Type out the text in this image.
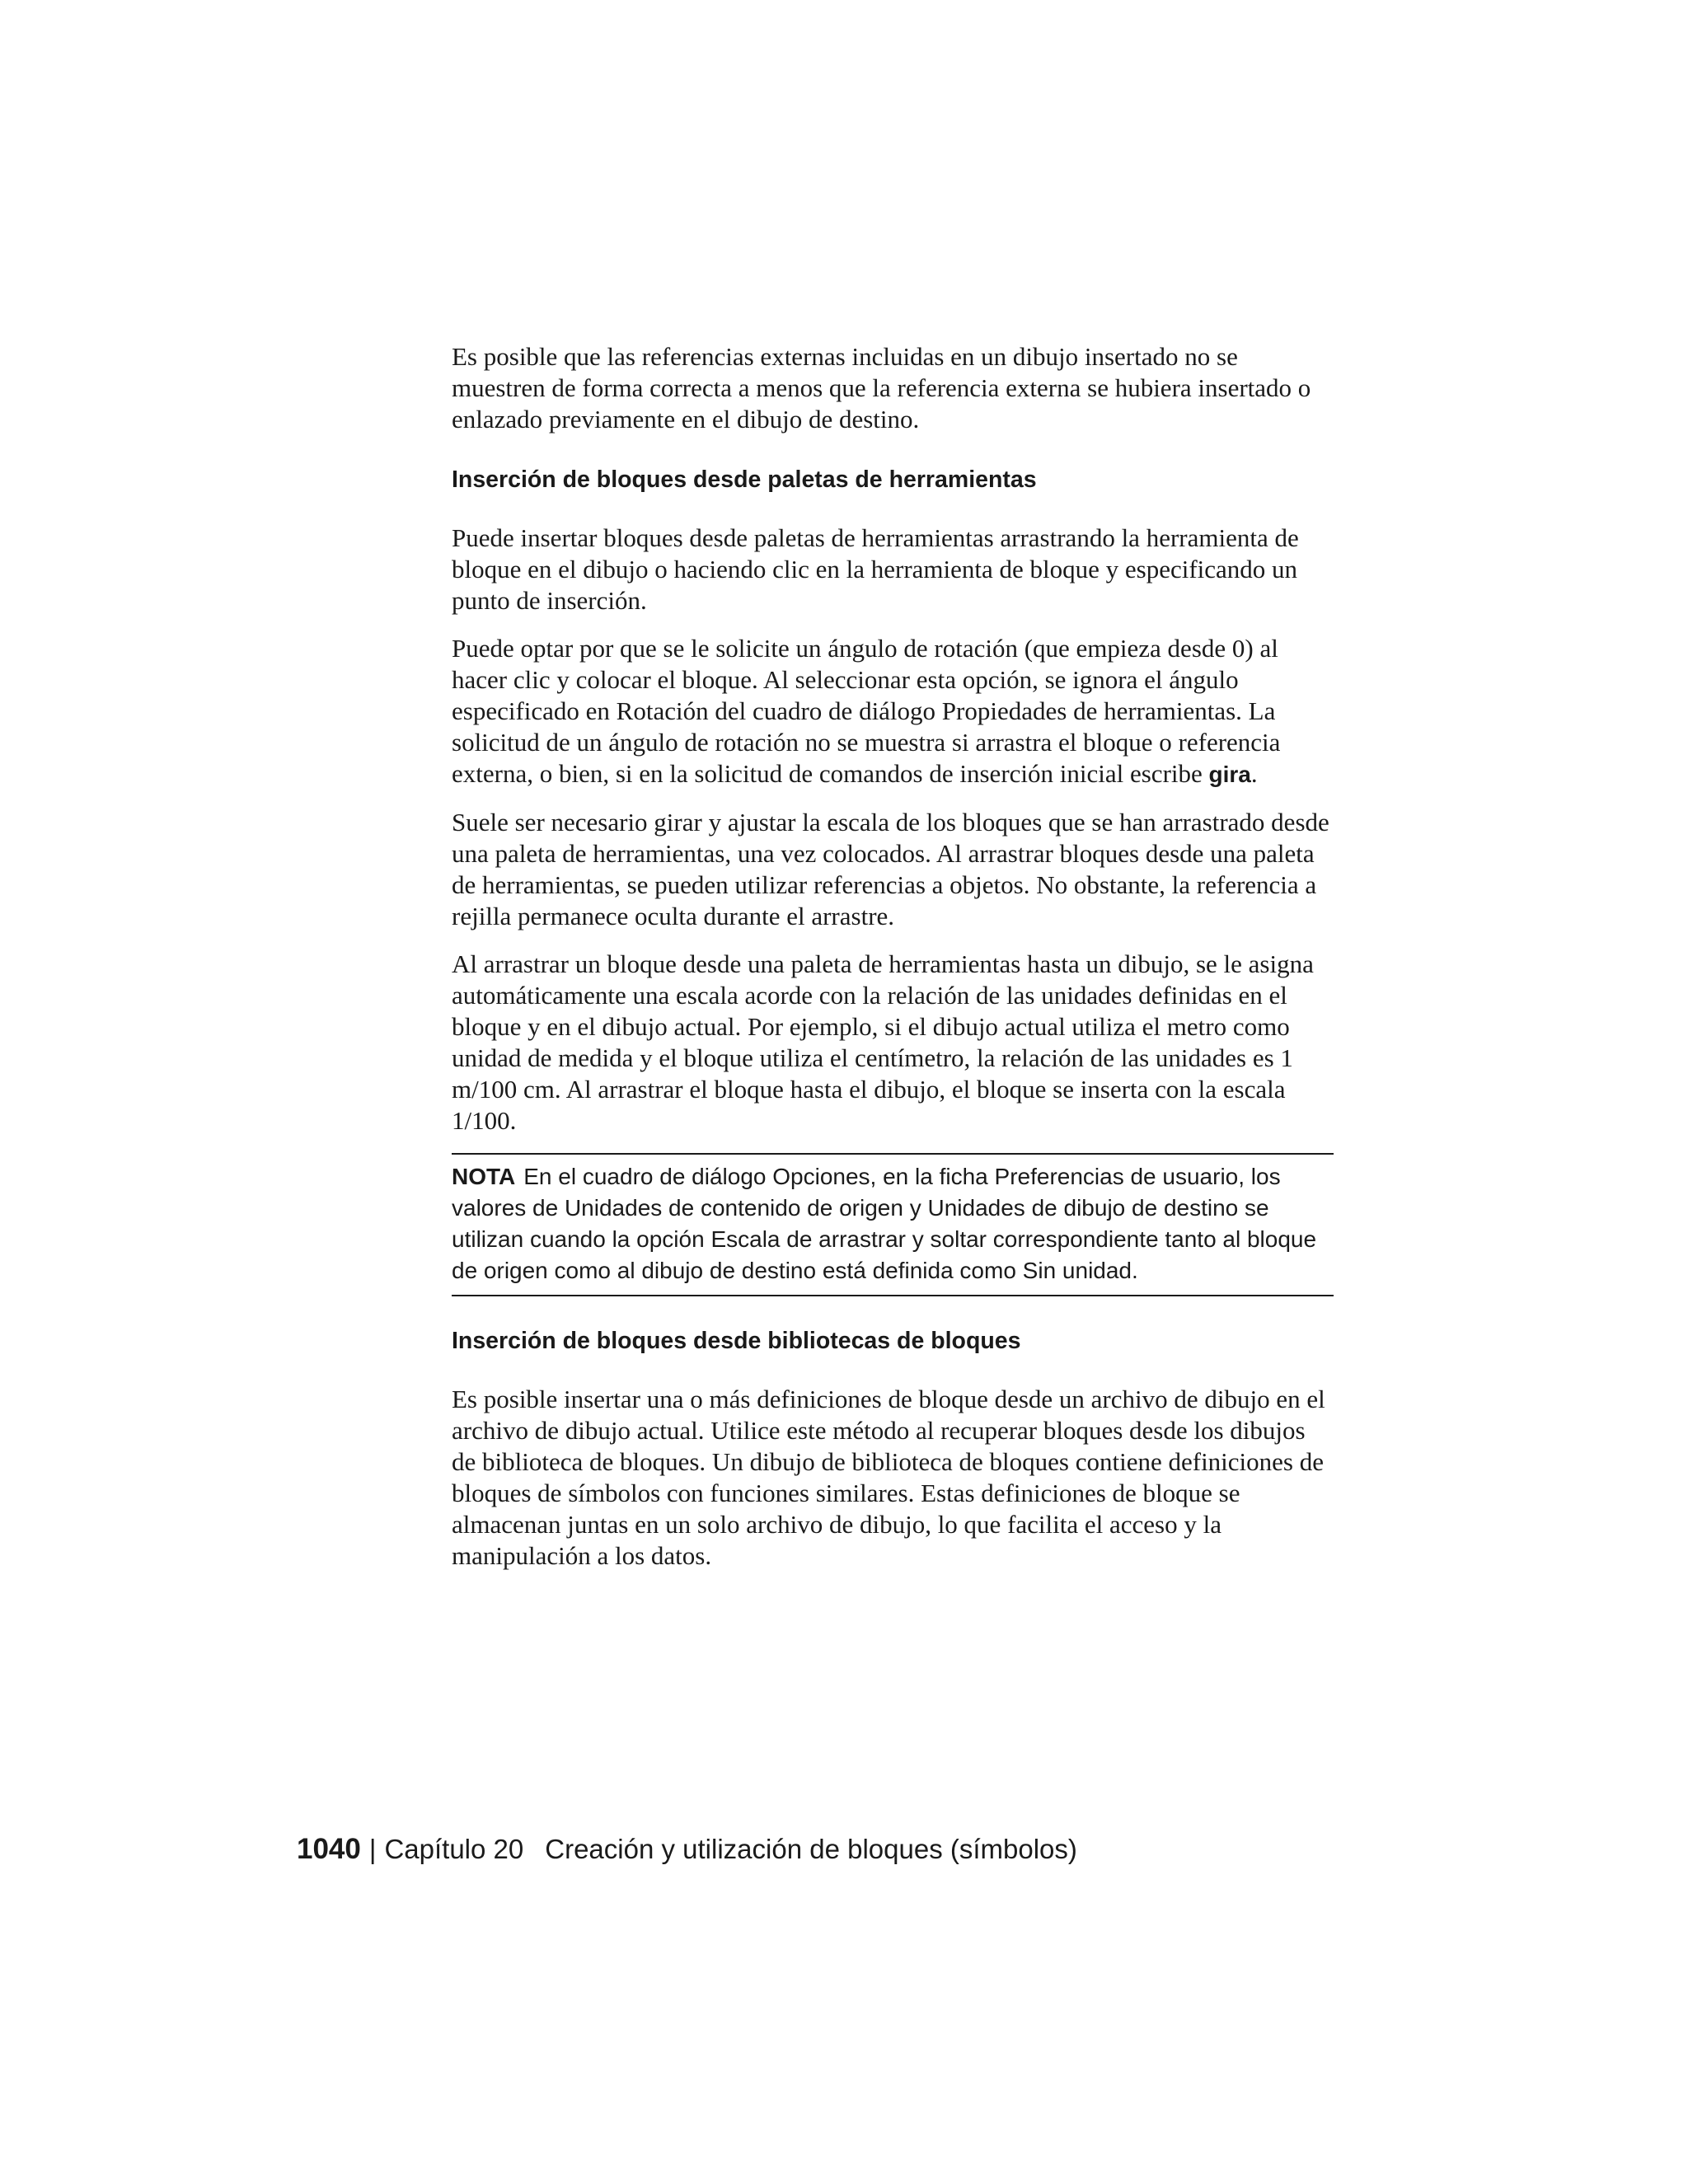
Es posible que las referencias externas incluidas en un dibujo insertado no se muestren de forma correcta a menos que la referencia externa se hubiera insertado o enlazado previamente en el dibujo de destino.

Inserción de bloques desde paletas de herramientas

Puede insertar bloques desde paletas de herramientas arrastrando la herramienta de bloque en el dibujo o haciendo clic en la herramienta de bloque y especificando un punto de inserción.

Puede optar por que se le solicite un ángulo de rotación (que empieza desde 0) al hacer clic y colocar el bloque. Al seleccionar esta opción, se ignora el ángulo especificado en Rotación del cuadro de diálogo Propiedades de herramientas. La solicitud de un ángulo de rotación no se muestra si arrastra el bloque o referencia externa, o bien, si en la solicitud de comandos de inserción inicial escribe gira.

Suele ser necesario girar y ajustar la escala de los bloques que se han arrastrado desde una paleta de herramientas, una vez colocados. Al arrastrar bloques desde una paleta de herramientas, se pueden utilizar referencias a objetos. No obstante, la referencia a rejilla permanece oculta durante el arrastre.

Al arrastrar un bloque desde una paleta de herramientas hasta un dibujo, se le asigna automáticamente una escala acorde con la relación de las unidades definidas en el bloque y en el dibujo actual. Por ejemplo, si el dibujo actual utiliza el metro como unidad de medida y el bloque utiliza el centímetro, la relación de las unidades es 1 m/100 cm. Al arrastrar el bloque hasta el dibujo, el bloque se inserta con la escala 1/100.

NOTA En el cuadro de diálogo Opciones, en la ficha Preferencias de usuario, los valores de Unidades de contenido de origen y Unidades de dibujo de destino se utilizan cuando la opción Escala de arrastrar y soltar correspondiente tanto al bloque de origen como al dibujo de destino está definida como Sin unidad.
Inserción de bloques desde bibliotecas de bloques

Es posible insertar una o más definiciones de bloque desde un archivo de dibujo en el archivo de dibujo actual. Utilice este método al recuperar bloques desde los dibujos de biblioteca de bloques. Un dibujo de biblioteca de bloques contiene definiciones de bloques de símbolos con funciones similares. Estas definiciones de bloque se almacenan juntas en un solo archivo de dibujo, lo que facilita el acceso y la manipulación a los datos.

1040 | Capítulo 20 Creación y utilización de bloques (símbolos)
